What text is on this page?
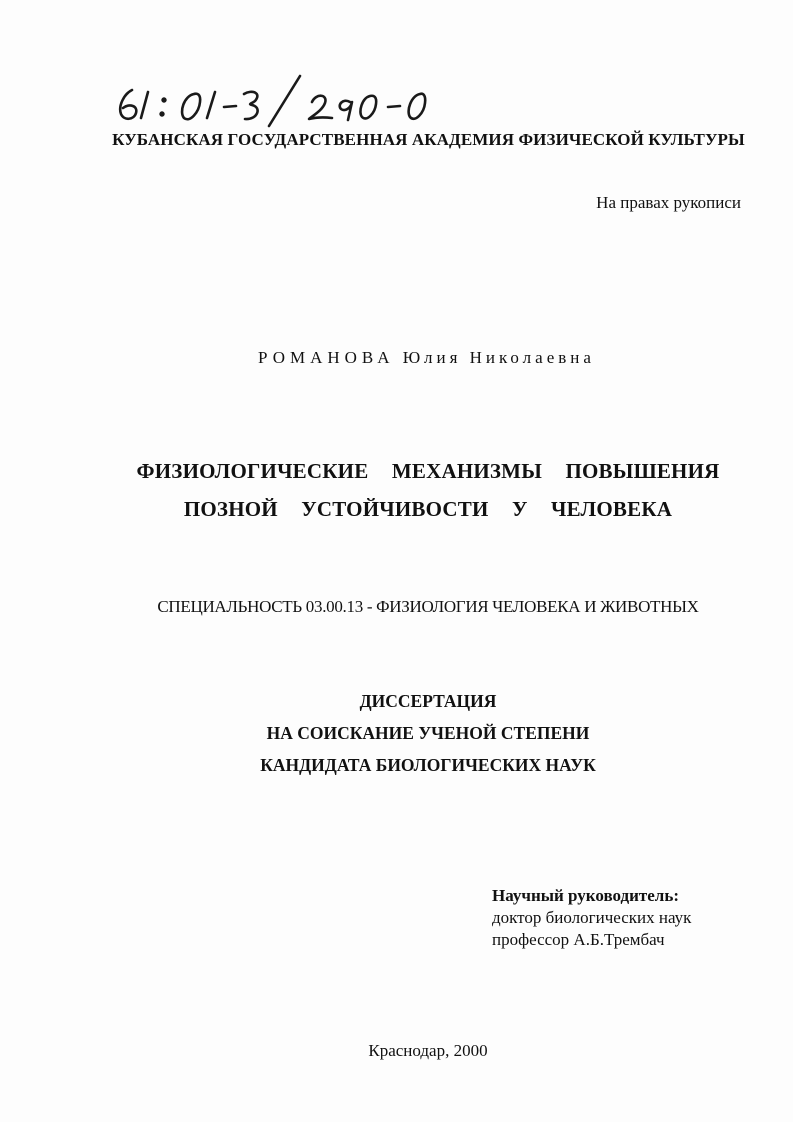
КУБАНСКАЯ ГОСУДАРСТВЕННАЯ АКАДЕМИЯ ФИЗИЧЕСКОЙ КУЛЬТУРЫ
На правах рукописи
РОМАНОВА Юлия Николаевна
ФИЗИОЛОГИЧЕСКИЕ МЕХАНИЗМЫ ПОВЫШЕНИЯ
ПОЗНОЙ УСТОЙЧИВОСТИ У ЧЕЛОВЕКА
СПЕЦИАЛЬНОСТЬ 03.00.13 - ФИЗИОЛОГИЯ ЧЕЛОВЕКА И ЖИВОТНЫХ
ДИССЕРТАЦИЯ
НА СОИСКАНИЕ УЧЕНОЙ СТЕПЕНИ
КАНДИДАТА БИОЛОГИЧЕСКИХ НАУК
Научный руководитель:
доктор биологических наук
профессор А.Б.Трембач
Краснодар, 2000
